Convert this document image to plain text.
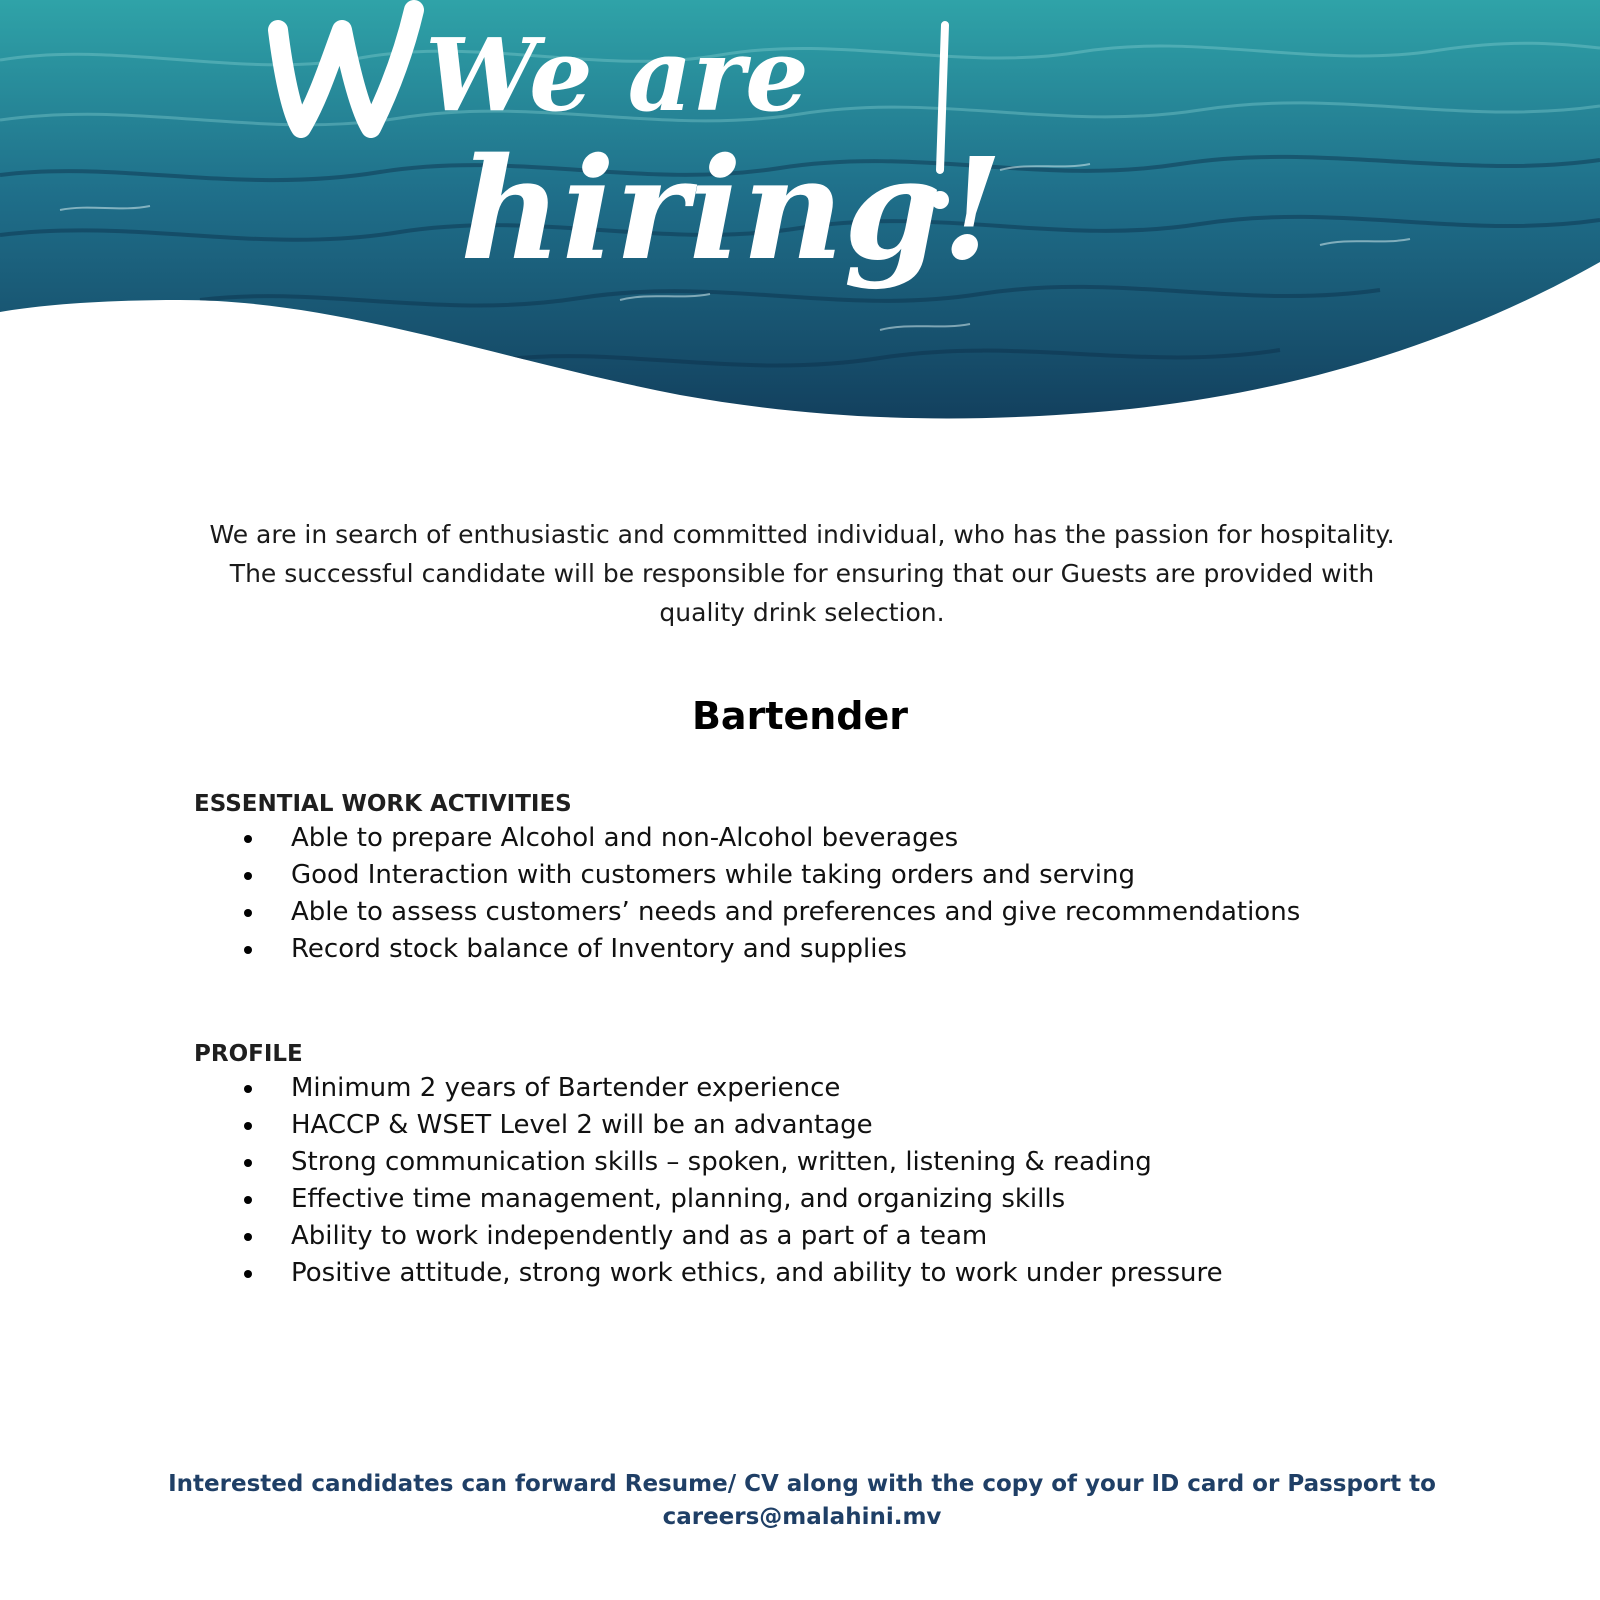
We are
hiring!

We are in search of enthusiastic and committed individual, who has the passion for hospitality.

The successful candidate will be responsible for ensuring that our Guests are provided with

quality drink selection.

Bartender
ESSENTIAL WORK ACTIVITIES
Able to prepare Alcohol and non-Alcohol beverages
Good Interaction with customers while taking orders and serving
Able to assess customers’ needs and preferences and give recommendations
Record stock balance of Inventory and supplies
PROFILE
Minimum 2 years of Bartender experience
HACCP & WSET Level 2 will be an advantage
Strong communication skills – spoken, written, listening & reading
Effective time management, planning, and organizing skills
Ability to work independently and as a part of a team
Positive attitude, strong work ethics, and ability to work under pressure

Interested candidates can forward Resume/ CV along with the copy of your ID card or Passport to

careers@malahini.mv
